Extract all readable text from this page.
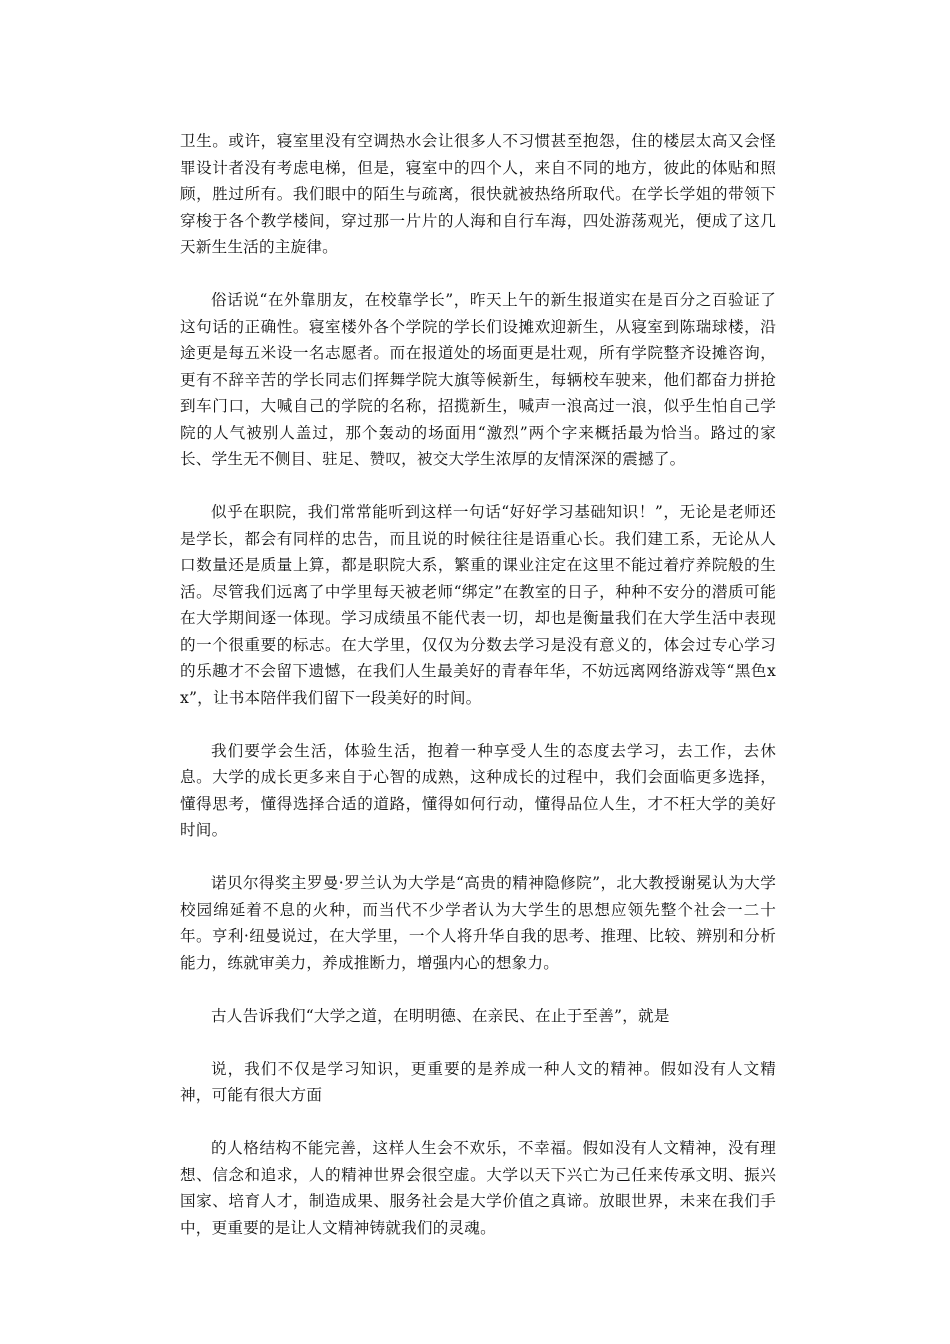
卫生。或许，寝室里没有空调热水会让很多人不习惯甚至抱怨，住的楼层太高又会怪罪设计者没有考虑电梯，但是，寝室中的四个人，来自不同的地方，彼此的体贴和照顾，胜过所有。我们眼中的陌生与疏离，很快就被热络所取代。在学长学姐的带领下穿梭于各个教学楼间，穿过那一片片的人海和自行车海，四处游荡观光，便成了这几天新生生活的主旋律。

俗话说“在外靠朋友，在校靠学长”，昨天上午的新生报道实在是百分之百验证了这句话的正确性。寝室楼外各个学院的学长们设摊欢迎新生，从寝室到陈瑞球楼，沿途更是每五米设一名志愿者。而在报道处的场面更是壮观，所有学院整齐设摊咨询，更有不辞辛苦的学长同志们挥舞学院大旗等候新生，每辆校车驶来，他们都奋力拼抢到车门口，大喊自己的学院的名称，招揽新生，喊声一浪高过一浪，似乎生怕自己学院的人气被别人盖过，那个轰动的场面用“激烈”两个字来概括最为恰当。路过的家长、学生无不侧目、驻足、赞叹，被交大学生浓厚的友情深深的震撼了。

似乎在职院，我们常常能听到这样一句话“好好学习基础知识！”，无论是老师还是学长，都会有同样的忠告，而且说的时候往往是语重心长。我们建工系，无论从人口数量还是质量上算，都是职院大系，繁重的课业注定在这里不能过着疗养院般的生活。尽管我们远离了中学里每天被老师“绑定”在教室的日子，种种不安分的潜质可能在大学期间逐一体现。学习成绩虽不能代表一切，却也是衡量我们在大学生活中表现的一个很重要的标志。在大学里，仅仅为分数去学习是没有意义的，体会过专心学习的乐趣才不会留下遗憾，在我们人生最美好的青春年华，不妨远离网络游戏等“黑色xx”，让书本陪伴我们留下一段美好的时间。

我们要学会生活，体验生活，抱着一种享受人生的态度去学习，去工作，去休息。大学的成长更多来自于心智的成熟，这种成长的过程中，我们会面临更多选择，懂得思考，懂得选择合适的道路，懂得如何行动，懂得品位人生，才不枉大学的美好时间。

诺贝尔得奖主罗曼·罗兰认为大学是“高贵的精神隐修院”，北大教授谢冕认为大学校园绵延着不息的火种，而当代不少学者认为大学生的思想应领先整个社会一二十年。亨利·纽曼说过，在大学里，一个人将升华自我的思考、推理、比较、辨别和分析能力，练就审美力，养成推断力，增强内心的想象力。

古人告诉我们“大学之道，在明明德、在亲民、在止于至善”，就是

说，我们不仅是学习知识，更重要的是养成一种人文的精神。假如没有人文精神，可能有很大方面

的人格结构不能完善，这样人生会不欢乐，不幸福。假如没有人文精神，没有理想、信念和追求，人的精神世界会很空虚。大学以天下兴亡为己任来传承文明、振兴国家、培育人才，制造成果、服务社会是大学价值之真谛。放眼世界，未来在我们手中，更重要的是让人文精神铸就我们的灵魂。
